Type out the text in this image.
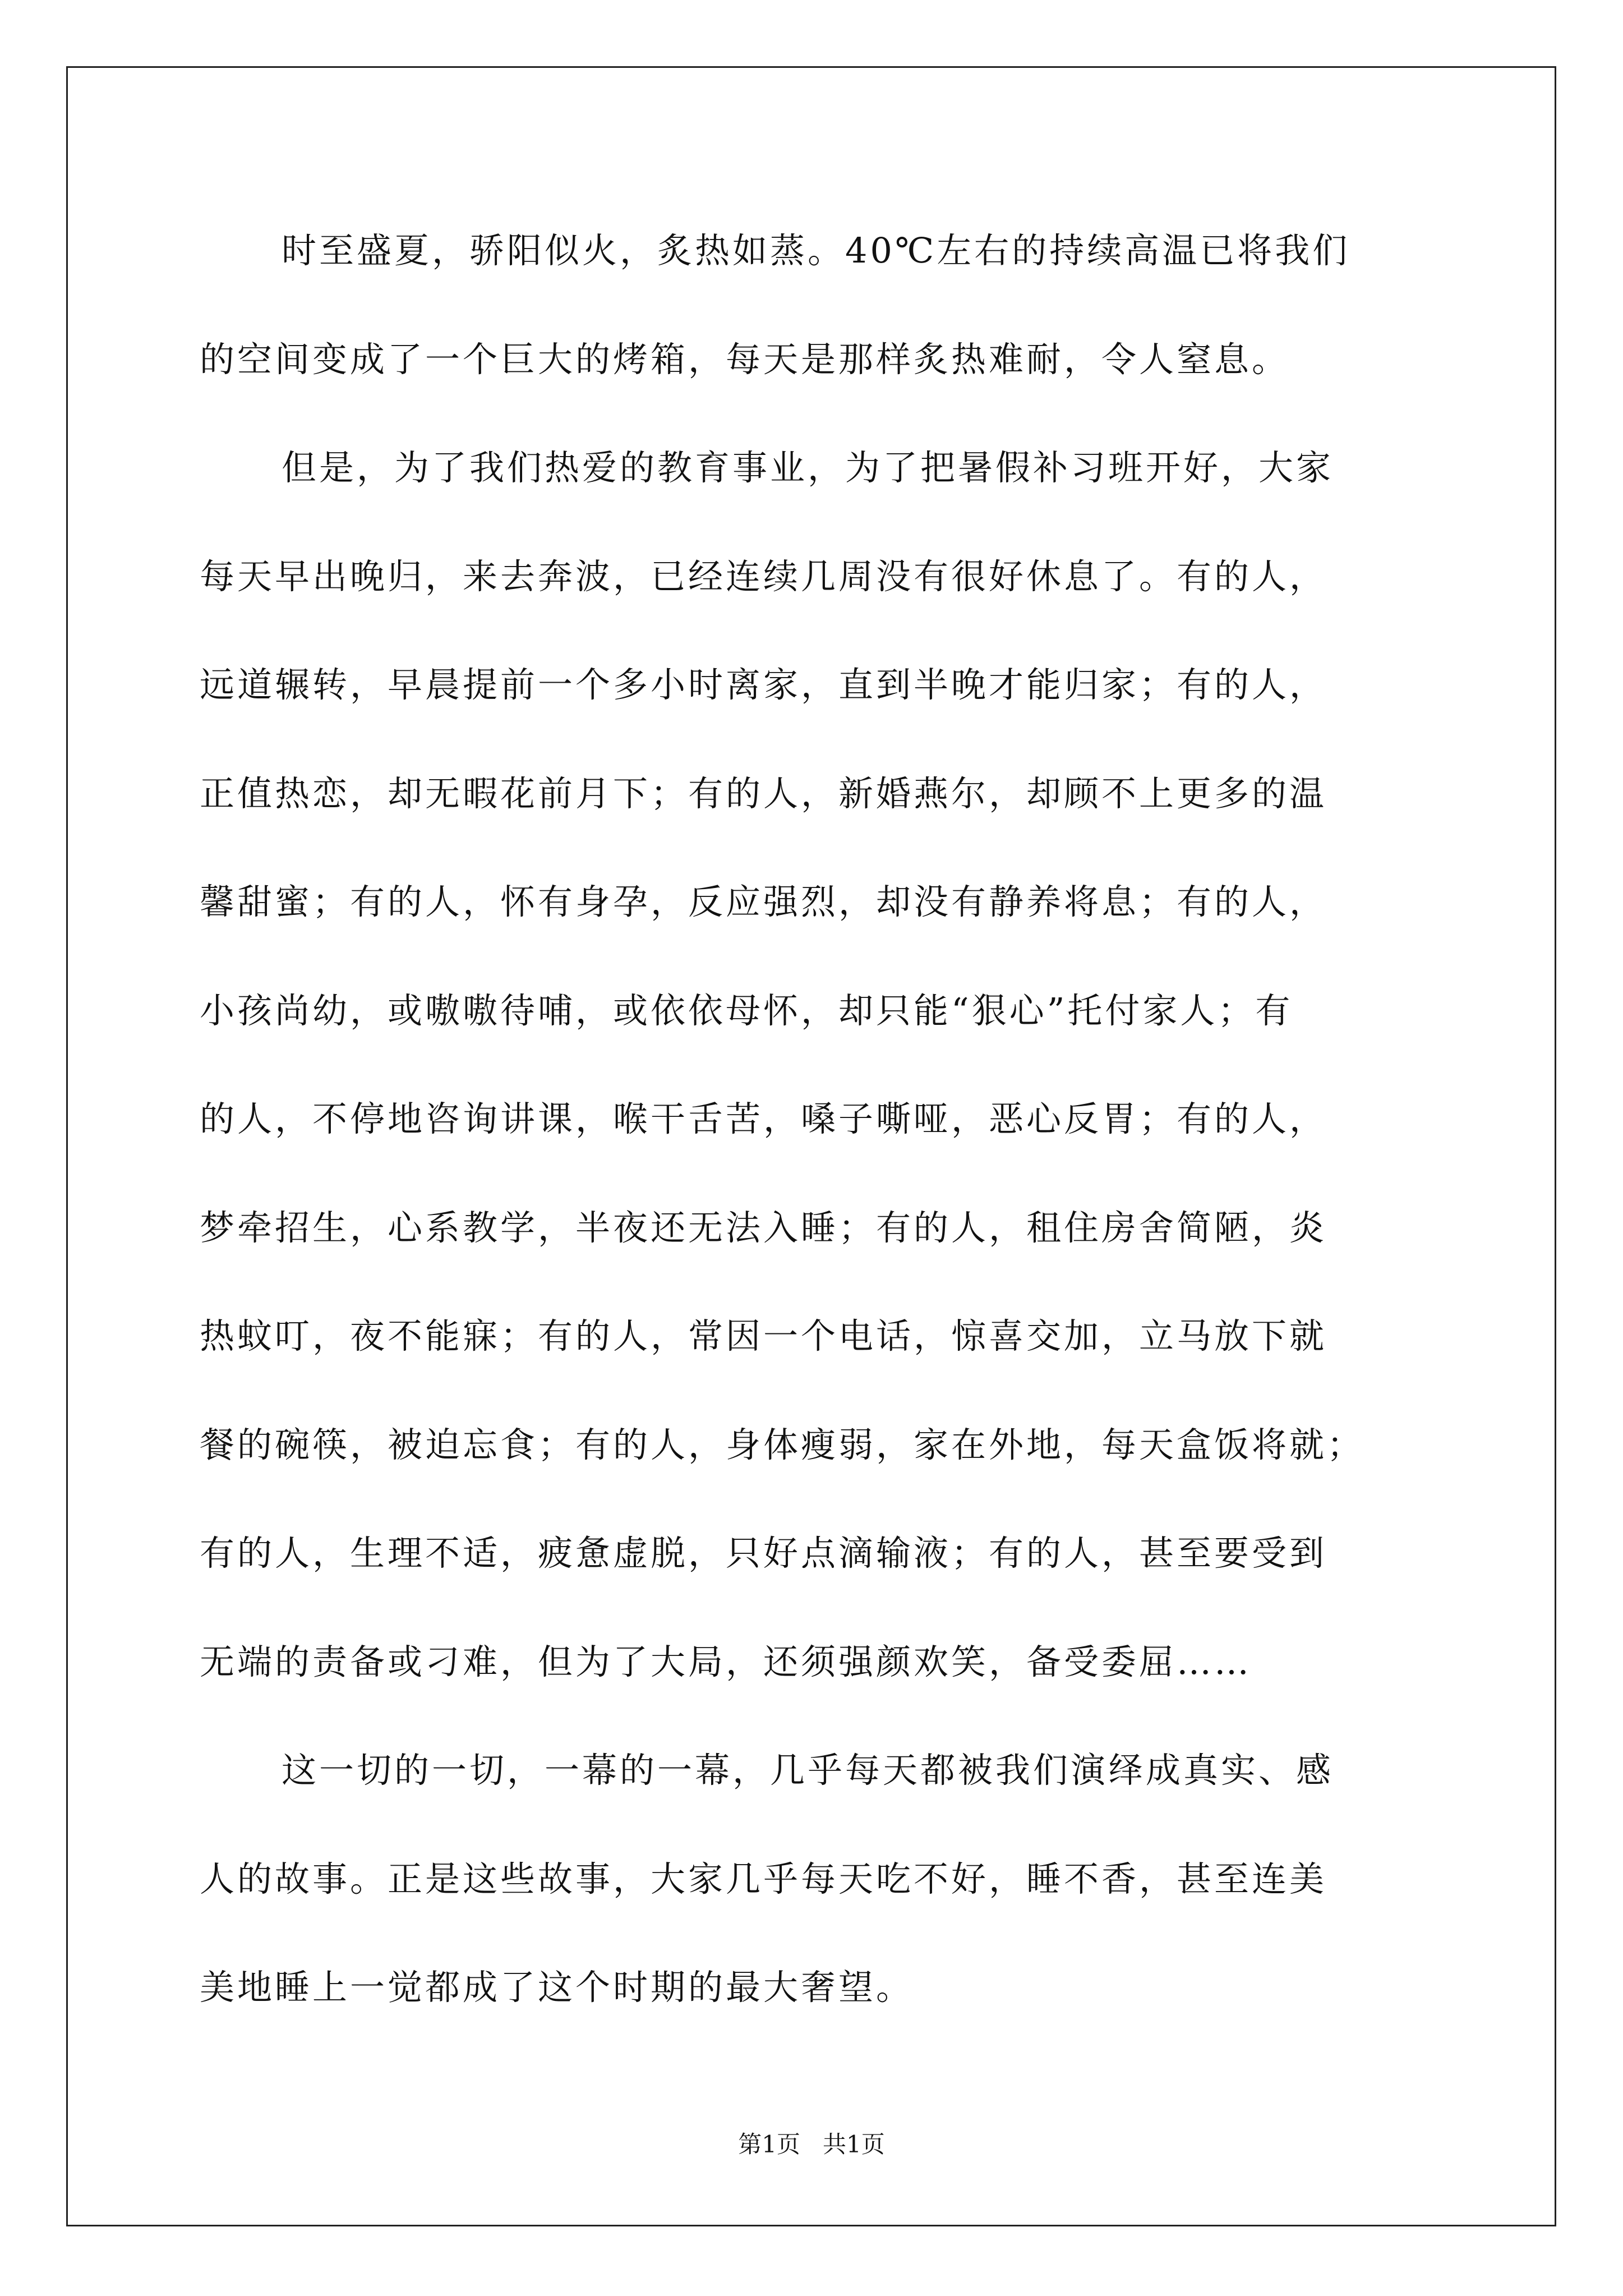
时至盛夏，骄阳似火，炙热如蒸。40℃左右的持续高温已将我们
的空间变成了一个巨大的烤箱，每天是那样炙热难耐，令人窒息。
但是，为了我们热爱的教育事业，为了把暑假补习班开好，大家
每天早出晚归，来去奔波，已经连续几周没有很好休息了。有的人，
远道辗转，早晨提前一个多小时离家，直到半晚才能归家；有的人，
正值热恋，却无暇花前月下；有的人，新婚燕尔，却顾不上更多的温
馨甜蜜；有的人，怀有身孕，反应强烈，却没有静养将息；有的人，
小孩尚幼，或嗷嗷待哺，或依依母怀，却只能“狠心”托付家人；有
的人，不停地咨询讲课，喉干舌苦，嗓子嘶哑，恶心反胃；有的人，
梦牵招生，心系教学，半夜还无法入睡；有的人，租住房舍简陋，炎
热蚊叮，夜不能寐；有的人，常因一个电话，惊喜交加，立马放下就
餐的碗筷，被迫忘食；有的人，身体瘦弱，家在外地，每天盒饭将就；
有的人，生理不适，疲惫虚脱，只好点滴输液；有的人，甚至要受到
无端的责备或刁难，但为了大局，还须强颜欢笑，备受委屈……
这一切的一切，一幕的一幕，几乎每天都被我们演绎成真实、感
人的故事。正是这些故事，大家几乎每天吃不好，睡不香，甚至连美
美地睡上一觉都成了这个时期的最大奢望。
第1页   共1页
